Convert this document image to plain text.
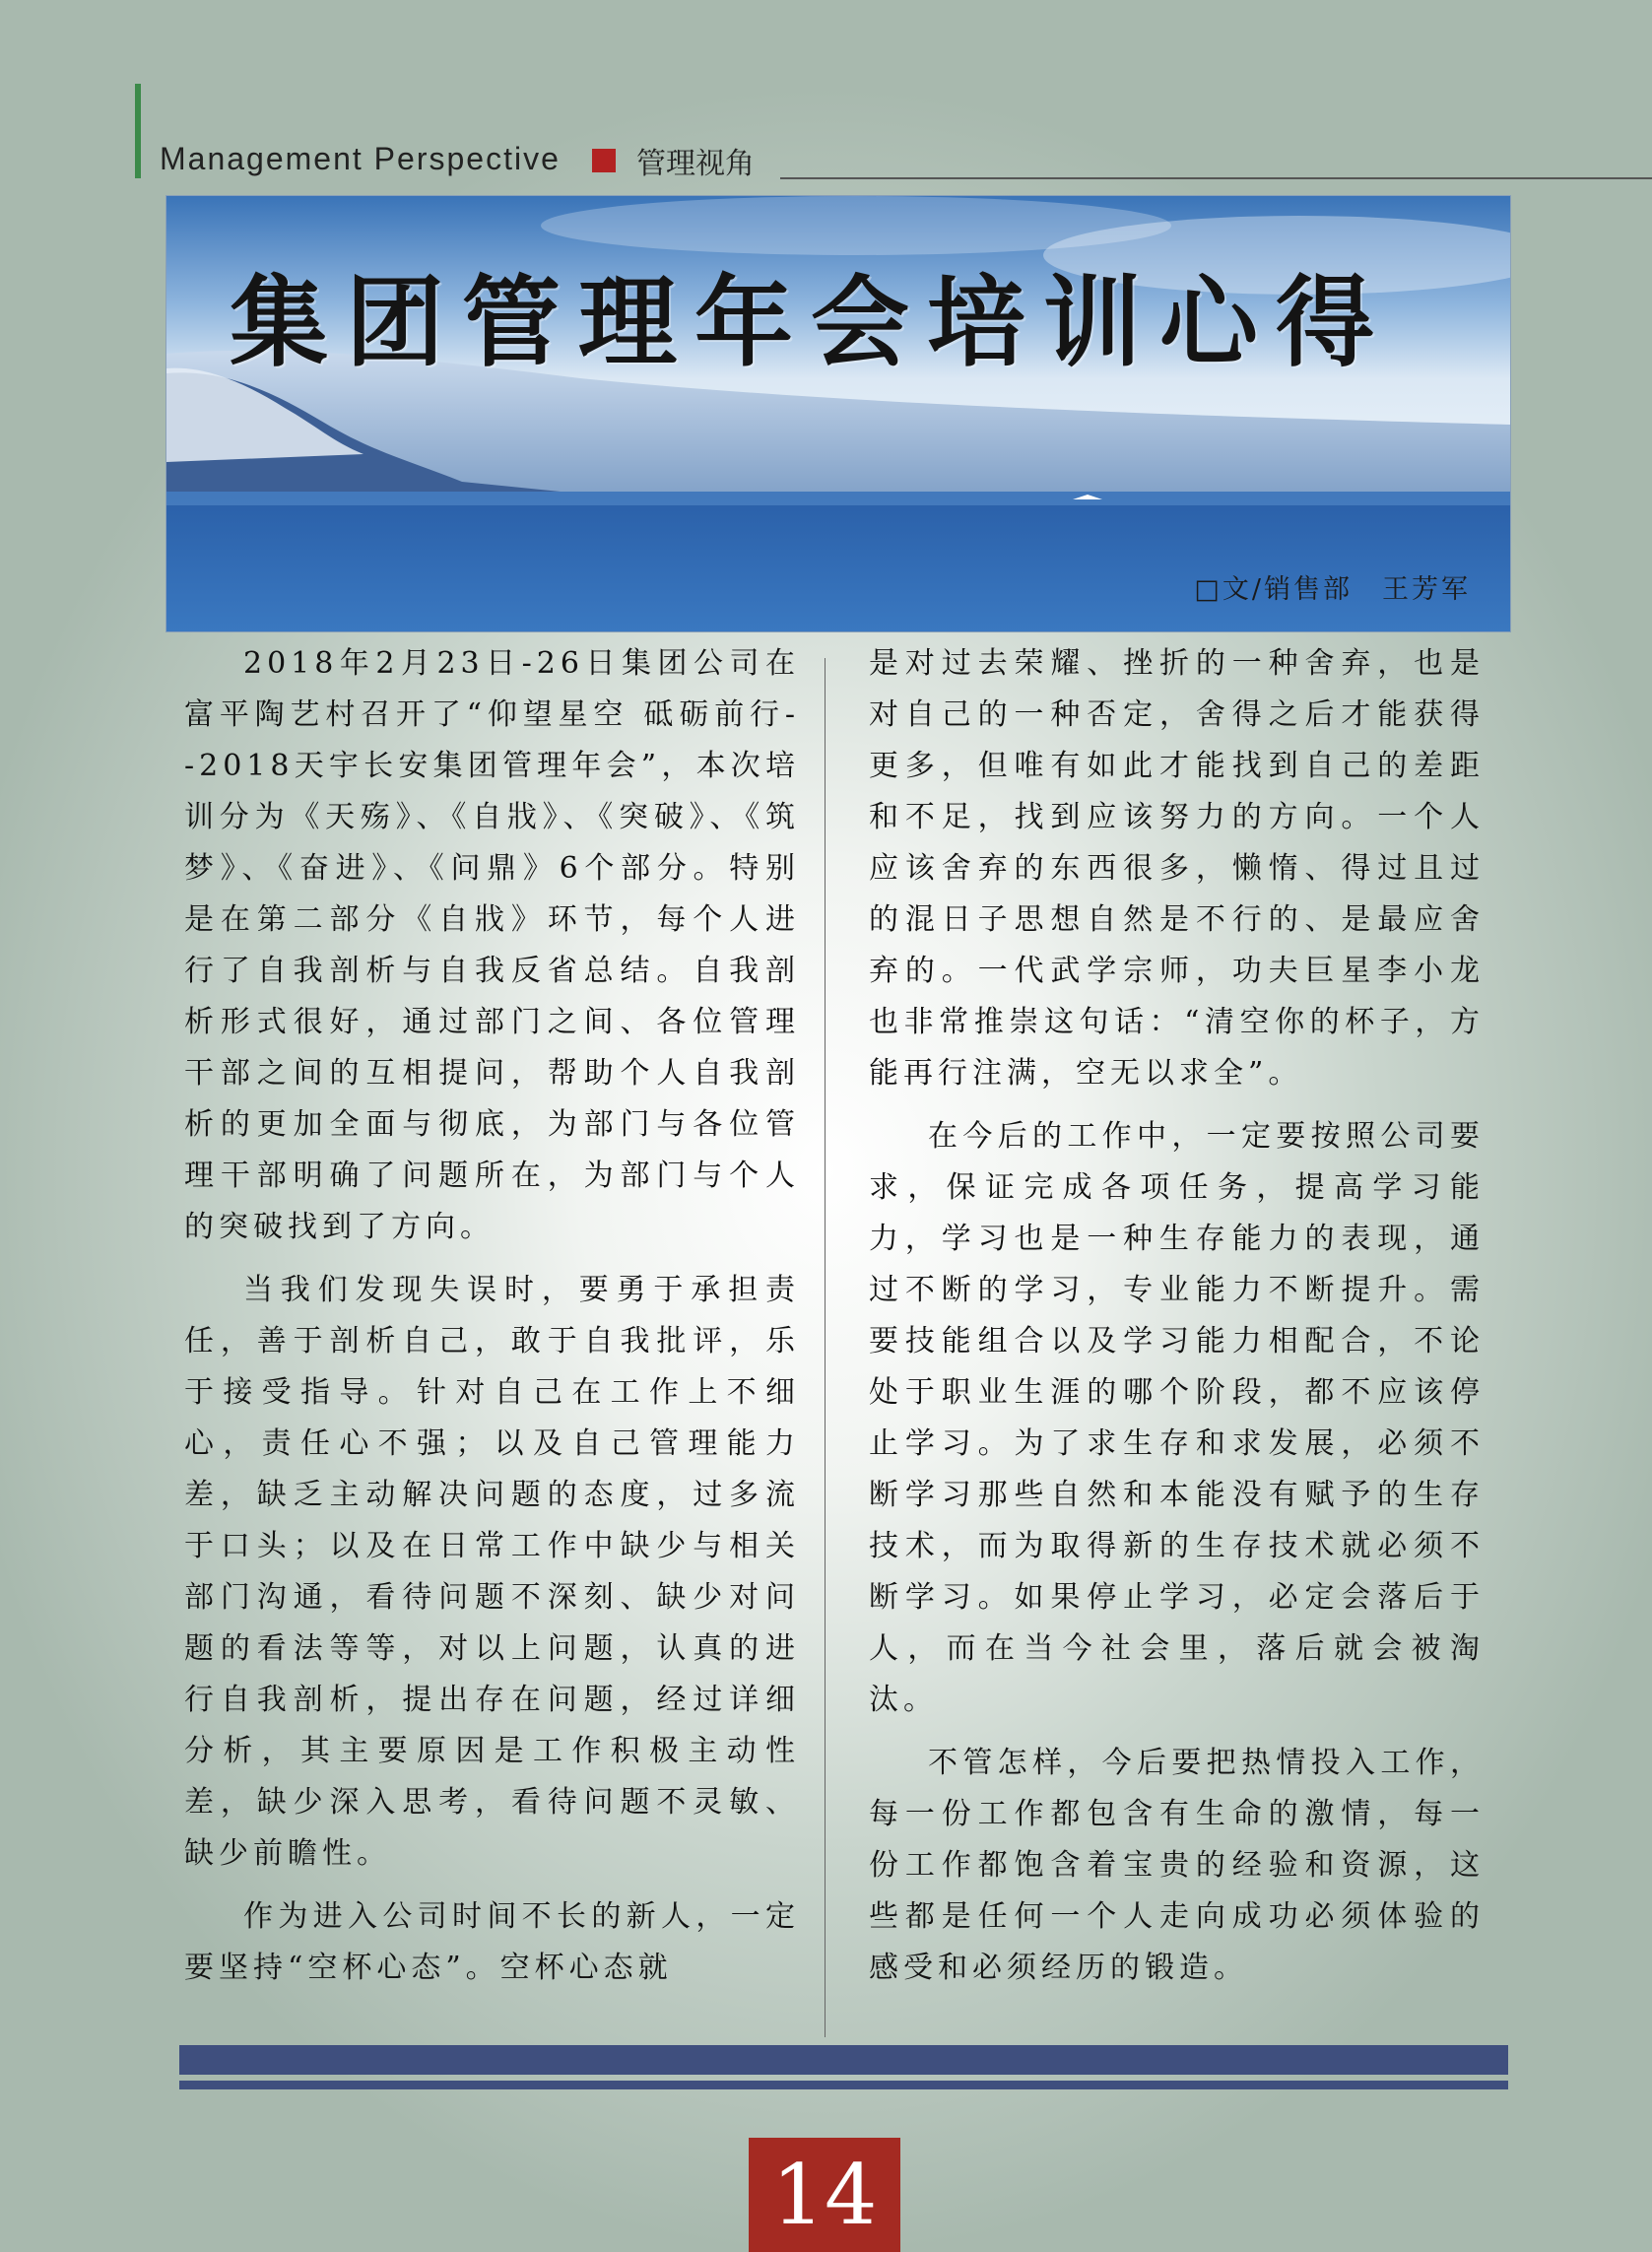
Management Perspective	管理视角
集团管理年会培训心得
□文/销售部　王芳军

2018年2月23日-26日集团公司在富平陶艺村召开了“仰望星空 砥砺前行--2018天宇长安集团管理年会”，本次培训分为《天殇》、《自戕》、《突破》、《筑梦》、《奋进》、《问鼎》6个部分。特别是在第二部分《自戕》环节，每个人进行了自我剖析与自我反省总结。自我剖析形式很好，通过部门之间、各位管理干部之间的互相提问，帮助个人自我剖析的更加全面与彻底，为部门与各位管理干部明确了问题所在，为部门与个人的突破找到了方向。

当我们发现失误时，要勇于承担责任，善于剖析自己，敢于自我批评，乐于接受指导。针对自己在工作上不细心，责任心不强；以及自己管理能力差，缺乏主动解决问题的态度，过多流于口头；以及在日常工作中缺少与相关部门沟通，看待问题不深刻、缺少对问题的看法等等，对以上问题，认真的进行自我剖析，提出存在问题，经过详细分析，其主要原因是工作积极主动性差，缺少深入思考，看待问题不灵敏、缺少前瞻性。

作为进入公司时间不长的新人，一定要坚持“空杯心态”。空杯心态就

是对过去荣耀、挫折的一种舍弃，也是对自己的一种否定，舍得之后才能获得更多，但唯有如此才能找到自己的差距和不足，找到应该努力的方向。一个人应该舍弃的东西很多，懒惰、得过且过的混日子思想自然是不行的、是最应舍弃的。一代武学宗师，功夫巨星李小龙也非常推崇这句话：“清空你的杯子，方能再行注满，空无以求全”。

在今后的工作中，一定要按照公司要求，保证完成各项任务，提高学习能力，学习也是一种生存能力的表现，通过不断的学习，专业能力不断提升。需要技能组合以及学习能力相配合，不论处于职业生涯的哪个阶段，都不应该停止学习。为了求生存和求发展，必须不断学习那些自然和本能没有赋予的生存技术，而为取得新的生存技术就必须不断学习。如果停止学习，必定会落后于人，而在当今社会里，落后就会被淘汰。

不管怎样，今后要把热情投入工作，每一份工作都包含有生命的激情，每一份工作都饱含着宝贵的经验和资源，这些都是任何一个人走向成功必须体验的感受和必须经历的锻造。

14
